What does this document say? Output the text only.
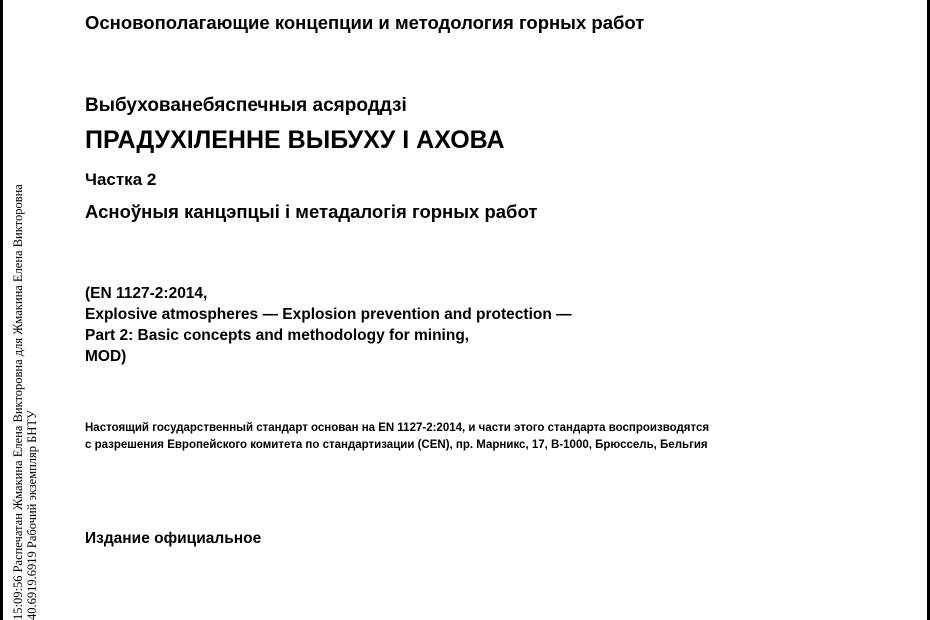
15:09:56 Распечатан Жмакина Елена Викторовна для Жмакина Елена Викторовна 40.6919.6919 Рабочий экземпляр БНТУ
Основополагающие концепции и методология горных работ
Выбухованебяспечныя асяроддзі
ПРАДУХІЛЕННЕ ВЫБУХУ І АХОВА
Частка 2
Асноўныя канцэпцыі і метадалогія горных работ
(EN 1127-2:2014,
Explosive atmospheres — Explosion prevention and protection —
Part 2: Basic concepts and methodology for mining,
MOD)
Настоящий государственный стандарт основан на EN 1127-2:2014, и части этого стандарта воспроизводятся
с разрешения Европейского комитета по стандартизации (CEN), пр. Марникс, 17, B-1000, Брюссель, Бельгия
Издание официальное
